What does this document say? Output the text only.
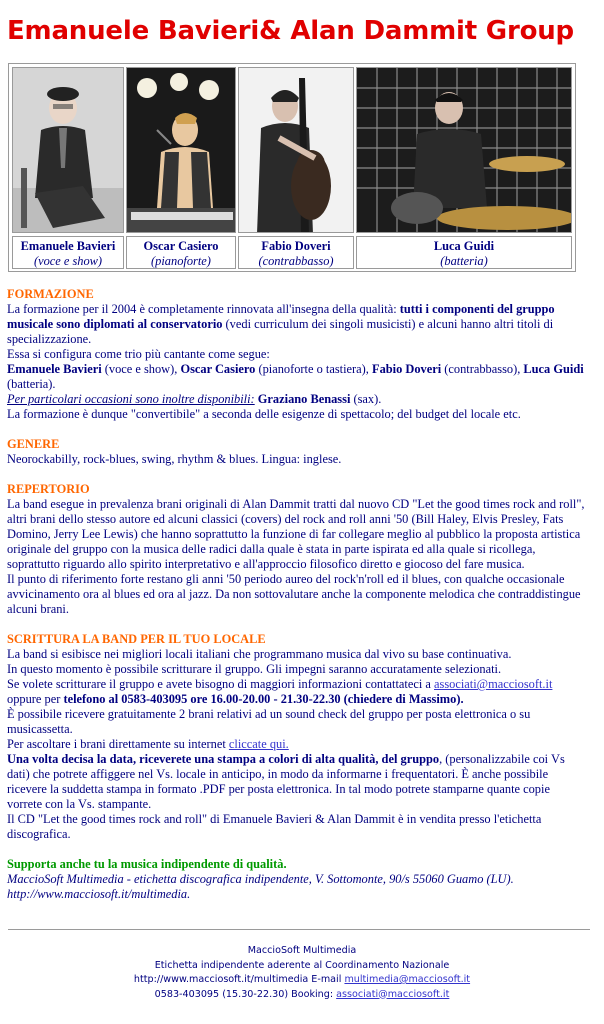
Emanuele Bavieri& Alan Dammit Group
Emanuele Bavieri
(voce e show)
Oscar Casiero
(pianoforte)
Fabio Doveri
(contrabbasso)
Luca Guidi
(batteria)
FORMAZIONE
La formazione per il 2004 è completamente rinnovata all'insegna della qualità: tutti i componenti del gruppo musicale sono diplomati al conservatorio (vedi curriculum dei singoli musicisti) e alcuni hanno altri titoli di specializzazione.
Essa si configura come trio più cantante come segue:
Emanuele Bavieri (voce e show), Oscar Casiero (pianoforte o tastiera), Fabio Doveri (contrabbasso), Luca Guidi (batteria).
Per particolari occasioni sono inoltre disponibili: Graziano Benassi (sax).
La formazione è dunque "convertibile" a seconda delle esigenze di spettacolo; del budget del locale etc.
GENERE
Neorockabilly, rock-blues, swing, rhythm & blues. Lingua: inglese.
REPERTORIO
La band esegue in prevalenza brani originali di Alan Dammit tratti dal nuovo CD "Let the good times rock and roll", altri brani dello stesso autore ed alcuni classici (covers) del rock and roll anni '50 (Bill Haley, Elvis Presley, Fats Domino, Jerry Lee Lewis) che hanno soprattutto la funzione di far collegare meglio al pubblico la proposta artistica originale del gruppo con la musica delle radici dalla quale è stata in parte ispirata ed alla quale si ricollega, soprattutto riguardo allo spirito interpretativo e all'approccio filosofico diretto e giocoso del fare musica.
Il punto di riferimento forte restano gli anni '50 periodo aureo del rock'n'roll ed il blues, con qualche occasionale avvicinamento ora al blues ed ora al jazz. Da non sottovalutare anche la componente melodica che contraddistingue alcuni brani.
SCRITTURA LA BAND PER IL TUO LOCALE
La band si esibisce nei migliori locali italiani che programmano musica dal vivo su base continuativa.
In questo momento è possibile scritturare il gruppo. Gli impegni saranno accuratamente selezionati.
Se volete scritturare il gruppo e avete bisogno di maggiori informazioni contattateci a associati@macciosoft.it oppure per telefono al 0583-403095 ore 16.00-20.00 - 21.30-22.30 (chiedere di Massimo).
È possibile ricevere gratuitamente 2 brani relativi ad un sound check del gruppo per posta elettronica o su musicassetta.
Per ascoltare i brani direttamente su internet cliccate qui.
Una volta decisa la data, riceverete una stampa a colori di alta qualità, del gruppo, (personalizzabile coi Vs dati) che potrete affiggere nel Vs. locale in anticipo, in modo da informarne i frequentatori. È anche possibile ricevere la suddetta stampa in formato .PDF per posta elettronica. In tal modo potrete stamparne quante copie vorrete con la Vs. stampante.
Il CD "Let the good times rock and roll" di Emanuele Bavieri & Alan Dammit è in vendita presso l'etichetta discografica.
Supporta anche tu la musica indipendente di qualità.
MaccioSoft Multimedia - etichetta discografica indipendente, V. Sottomonte, 90/s 55060 Guamo (LU).
http://www.macciosoft.it/multimedia.
MaccioSoft Multimedia
Etichetta indipendente aderente al Coordinamento Nazionale
http://www.macciosoft.it/multimedia E-mail multimedia@macciosoft.it
0583-403095 (15.30-22.30) Booking: associati@macciosoft.it
